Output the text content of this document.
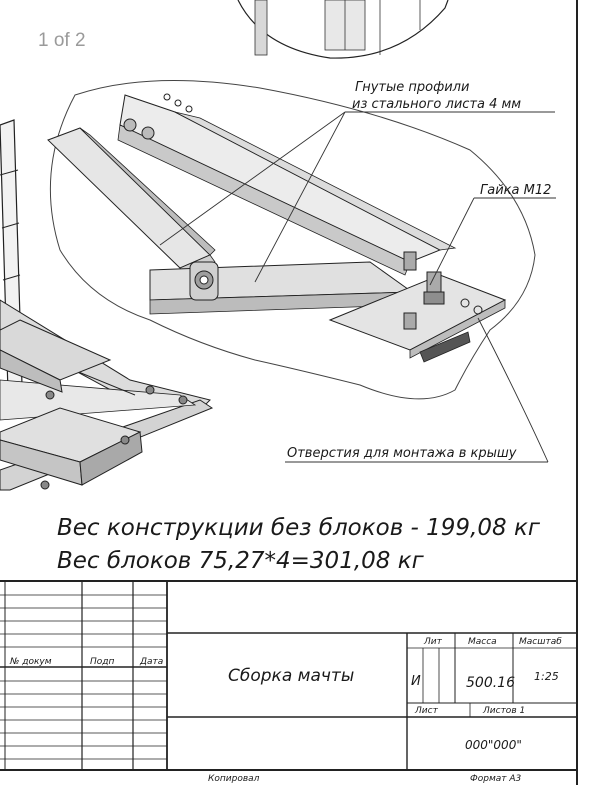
Гнутые профили
из стального листа 4 мм
Гайка М12
Отверстия для монтажа в крышу
Вес конструкции без блоков - 199,08 кг
Вес блоков 75,27*4=301,08 кг
№ докум	Подп	Дата
Сборка мачты
Лит	Масса Масштаб
И	500.16 1:25
Лист	Листов 1
000"000"
Копировал	Формат А3
1 of 2
